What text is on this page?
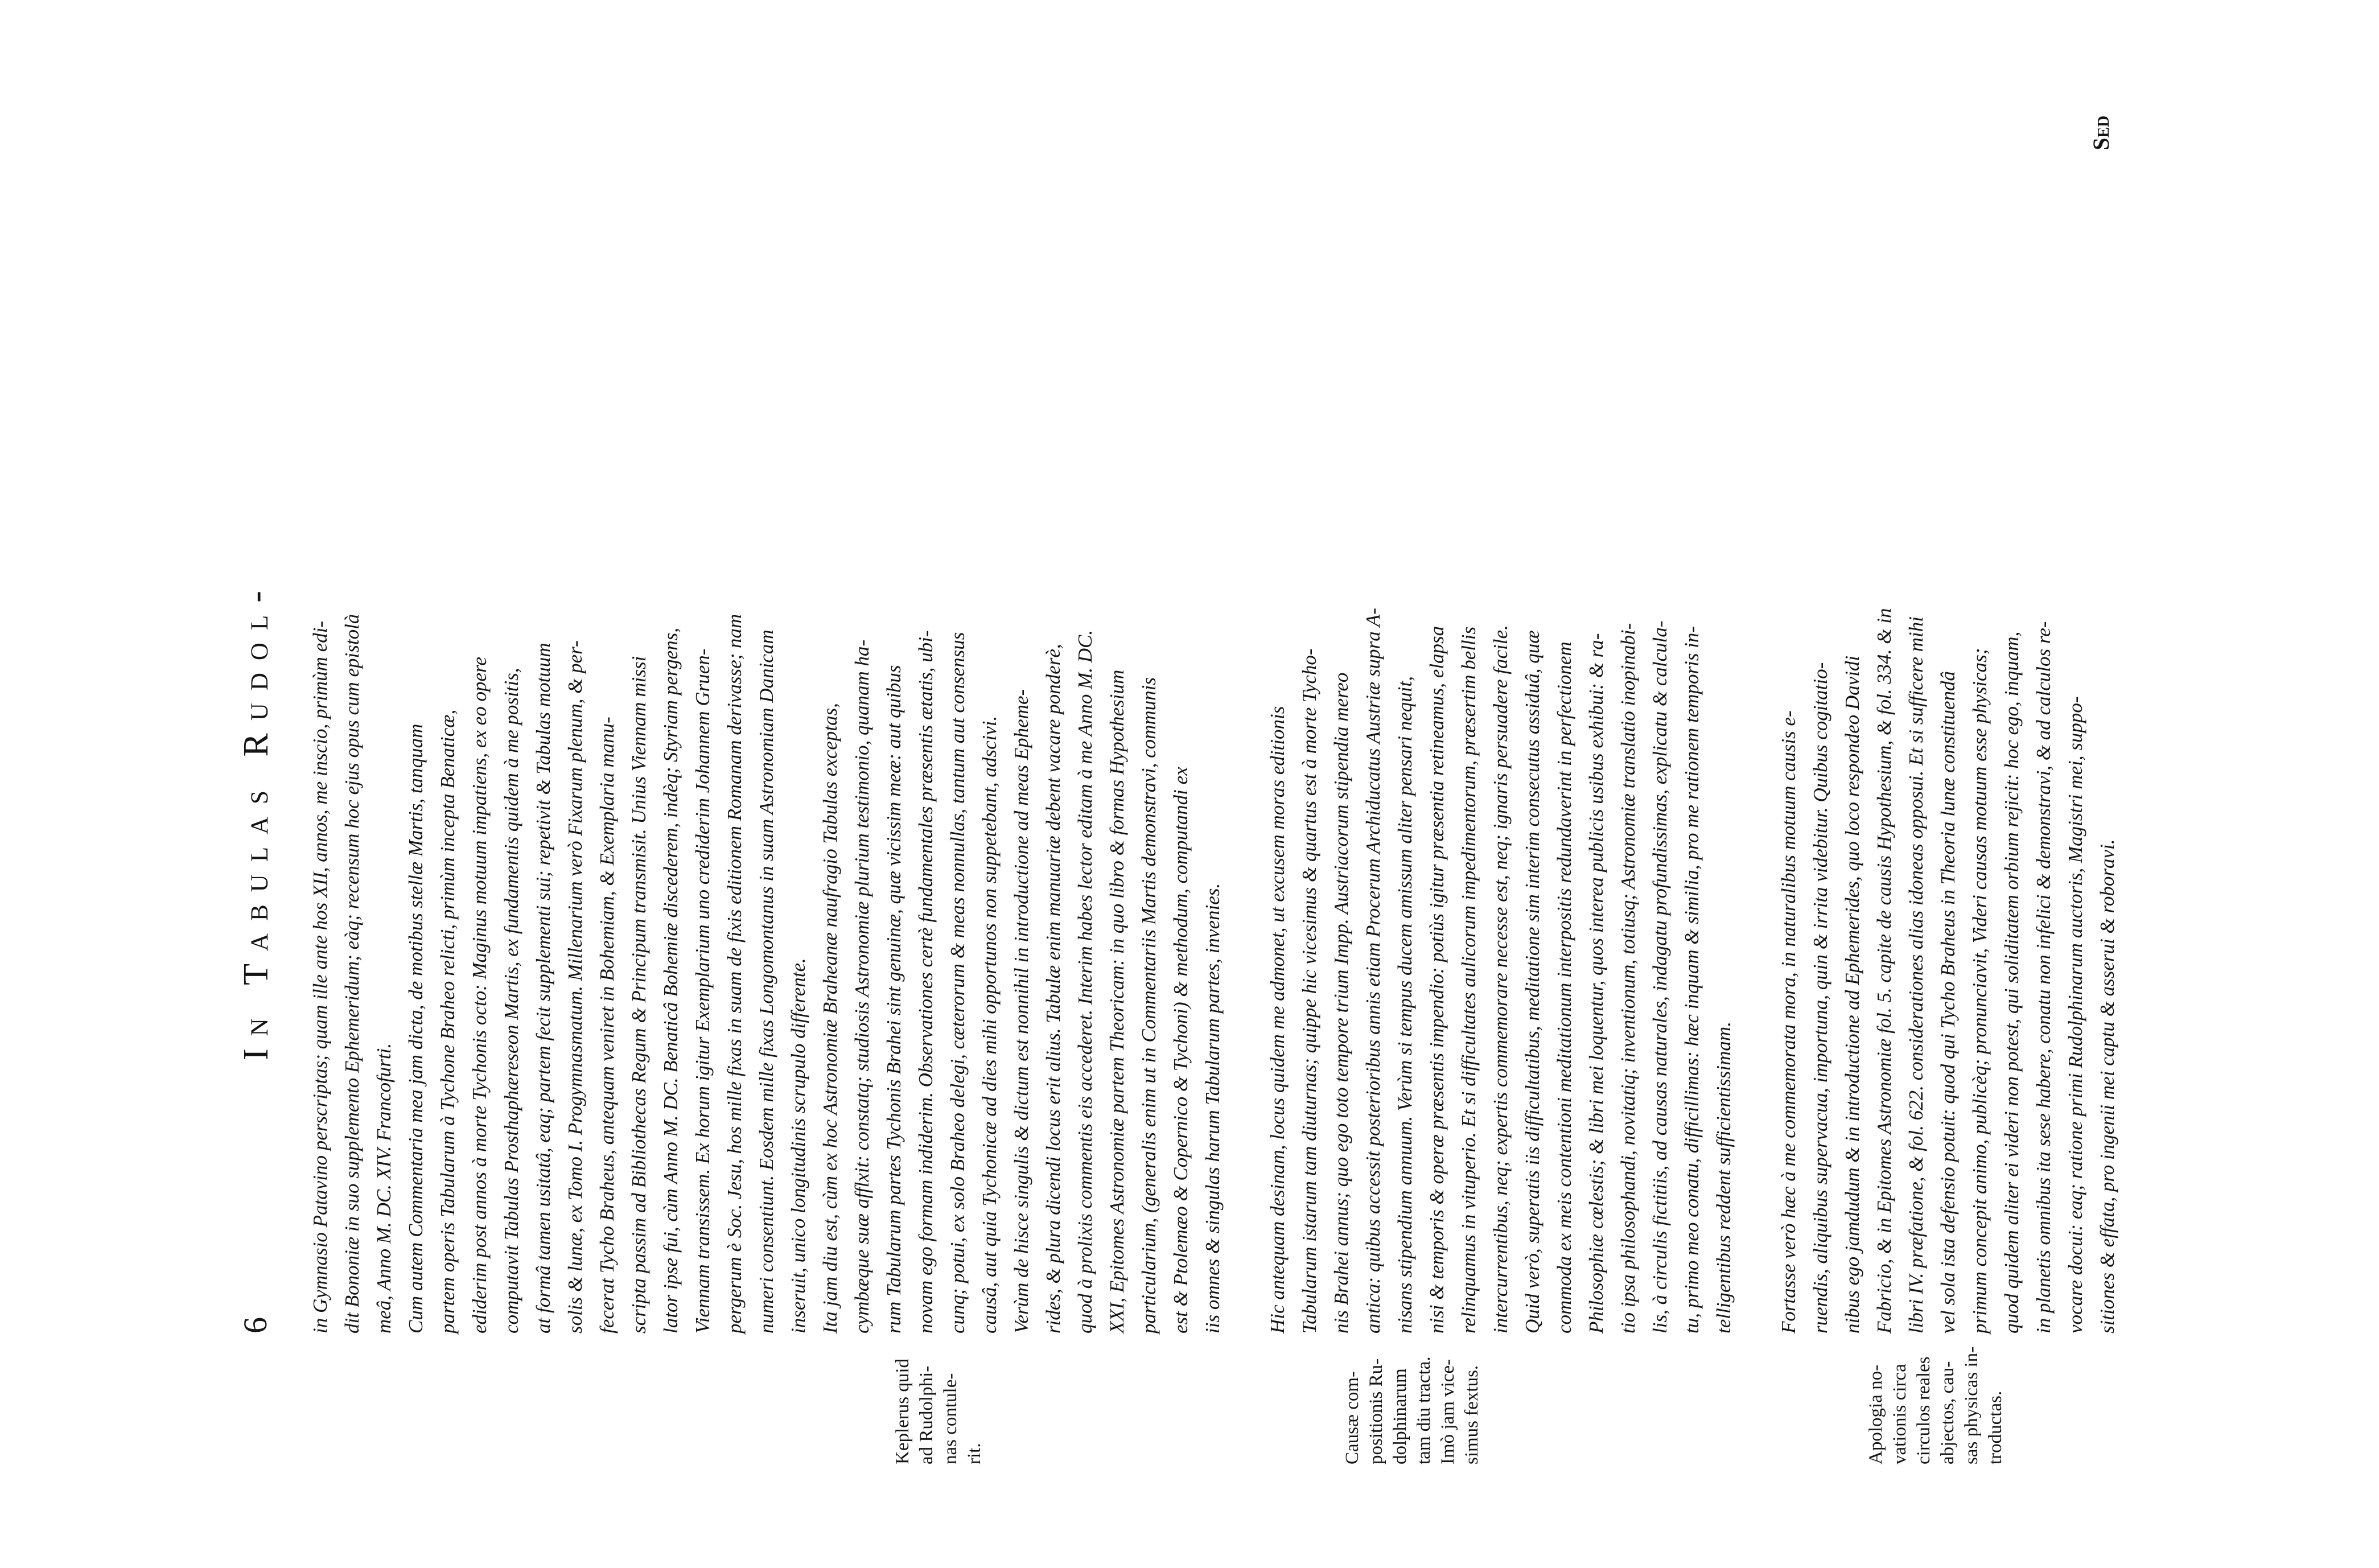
6
In Tabulas Rudol-
Keplerus quid ad Rudolphi- nas contule- rit.	Causæ com- positionis Ru- dolphinarum tam diu tracta. Imò jam vice- simus fextus.	Apologia no- vationis circa circulos reales abjectos, cau- sas physicas in- troductas.
in Gymnasio Patavino perscriptas; quam ille ante hos XII, annos, me inscio, primùm edi- dit Bononiæ in suo supplemento Ephemeridum; eàq; recensum hoc ejus opus cum epistolà meâ, Anno M. DC. XIV. Francofurti. Cum autem Commentaria mea jam dicta, de motibus stellæ Martis, tanquam partem operis Tabularum à Tychone Braheo relicti, primùm incepta Benaticæ, ediderim post annos à morte Tychonis octo: Maginus motuum impatiens, ex eo opere computavit Tabulas Prosthaphæreseon Martis, ex fundamentis quidem à me positis, at formâ tamen usitatâ, eaq; partem fecit supplementi sui; repetivit & Tabulas motuum solis & lunæ, ex Tomo I. Progymnasmatum. Millenarium verò Fixarum plenum, & per- fecerat Tycho Braheus, antequam veniret in Bohemiam, & Exemplaria manu- scripta passim ad Bibliothecas Regum & Principum transmisit. Unius Viennam missi lator ipse fui, cùm Anno M. DC. Benaticâ Bohemiæ discederem, indèq; Styriam pergens, Viennam transissem. Ex horum igitur Exemplarium uno crediderim Johannem Gruen- pergerum è Soc. Jesu, hos mille fixas in suam de fixis editionem Romanam derivasse; nam numeri consentiunt. Eosdem mille fixas Longomontanus in suam Astronomiam Danicam inseruit, unico longitudinis scrupulo differente. Ita jam diu est, cùm ex hoc Astronomiæ Braheanæ naufragio Tabulas exceptas, cymbæque suæ afflxit: constatq; studiosis Astronomiæ plurium testimonio, quanam ha- rum Tabularum partes Tychonis Brahei sint genuinæ, quæ vicissim meæ: aut quibus novam ego formam indiderim. Observationes certè fundamentales præsentis ætatis, ubi- cunq; potui, ex solo Braheo delegi, cæterorum & meas nonnullas, tantum aut consensus causâ, aut quia Tychonicæ ad dies mihi opportunos non suppetebant, adscivi. Verùm de hisce singulis & dictum est nonnihil in introductione ad meas Epheme- rides, & plura dicendi locus erit alius. Tabulæ enim manuariæ debent vacare ponderè, quod à prolixis commentis eis accederet. Interim habes lector editam à me Anno M. DC. XXI, Epitomes Astronomiæ partem Theoricam: in quo libro & formas Hypothesium particularium, (generalis enim ut in Commentariis Martis demonstravi, communis est & Ptolemæo & Copernico & Tychoni) & methodum, computandi ex iis omnes & singulas harum Tabularum partes, invenies. Hic antequam desinam, locus quidem me admonet, ut excusem moras editionis Tabularum istarum tam diuturnas; quippe hic vicesimus & quartus est à morte Tycho- nis Brahei annus; quo ego toto tempore trium Impp. Austriacorum stipendia mereo antica: quibus accessit posterioribus annis etiam Procerum Archiducatus Austriæ supra A- nisans stipendium annuum. Verùm si tempus ducem amissum aliter pensari nequit, nisi & temporis & operæ præsentis impendio: potiùs igitur præsentia retineamus, elapsa relinquamus in vituperio. Et si difficultates aulicorum impedimentorum, præsertim bellis intercurrentibus, neq; expertis commemorare necesse est, neq; ignaris persuadere facile. Quid verò, superatis iis difficultatibus, meditatione sim interim consecutus assiduâ, quæ commoda ex meis contentioni meditationum interpositis redundaverint in perfectionem Philosophiæ cœlestis; & libri mei loquentur, quos interea publicis usibus exhibui: & ra- tio ipsa philosophandi, novitatiq; inventionum, totiusq; Astronomiæ translatio inopinabi- lis, à circulis fictitiis, ad causas naturales, indagatu profundissimas, explicatu & calcula- tu, primo meo conatu, difficillimas: hæc inquam & similia, pro me rationem temporis in- telligentibus reddent sufficientissimam. Fortasse verò hæc à me commemorata mora, in naturalibus motuum causis e- ruendis, aliquibus supervacua, importuna, quin & irrita videbitur. Quibus cogitatio- nibus ego jamdudum & in introductione ad Ephemerides, quo loco respondeo Davidi Fabricio, & in Epitomes Astronomiæ fol. 5. capite de causis Hypothesium, & fol. 334. & in libri IV. præfatione, & fol. 622. considerationes alias idoneas opposui. Et si sufficere mihi vel sola ista defensio potuit: quod qui Tycho Braheus in Theoria lunæ constituendâ primum concepit animo, publicèq; pronunciavit, Videri causas motuum esse physicas; quod quidem aliter ei videri non potest, qui soliditatem orbium rejicit: hoc ego, inquam, in planetis omnibus ita sese habere, conatu non infelici & demonstravi, & ad calculos re- vocare docui: eaq; ratione primi Rudolphinarum auctoris, Magistri mei, suppo- sitiones & effata, pro ingenii mei captu & asserui & roboravi.
Sed
